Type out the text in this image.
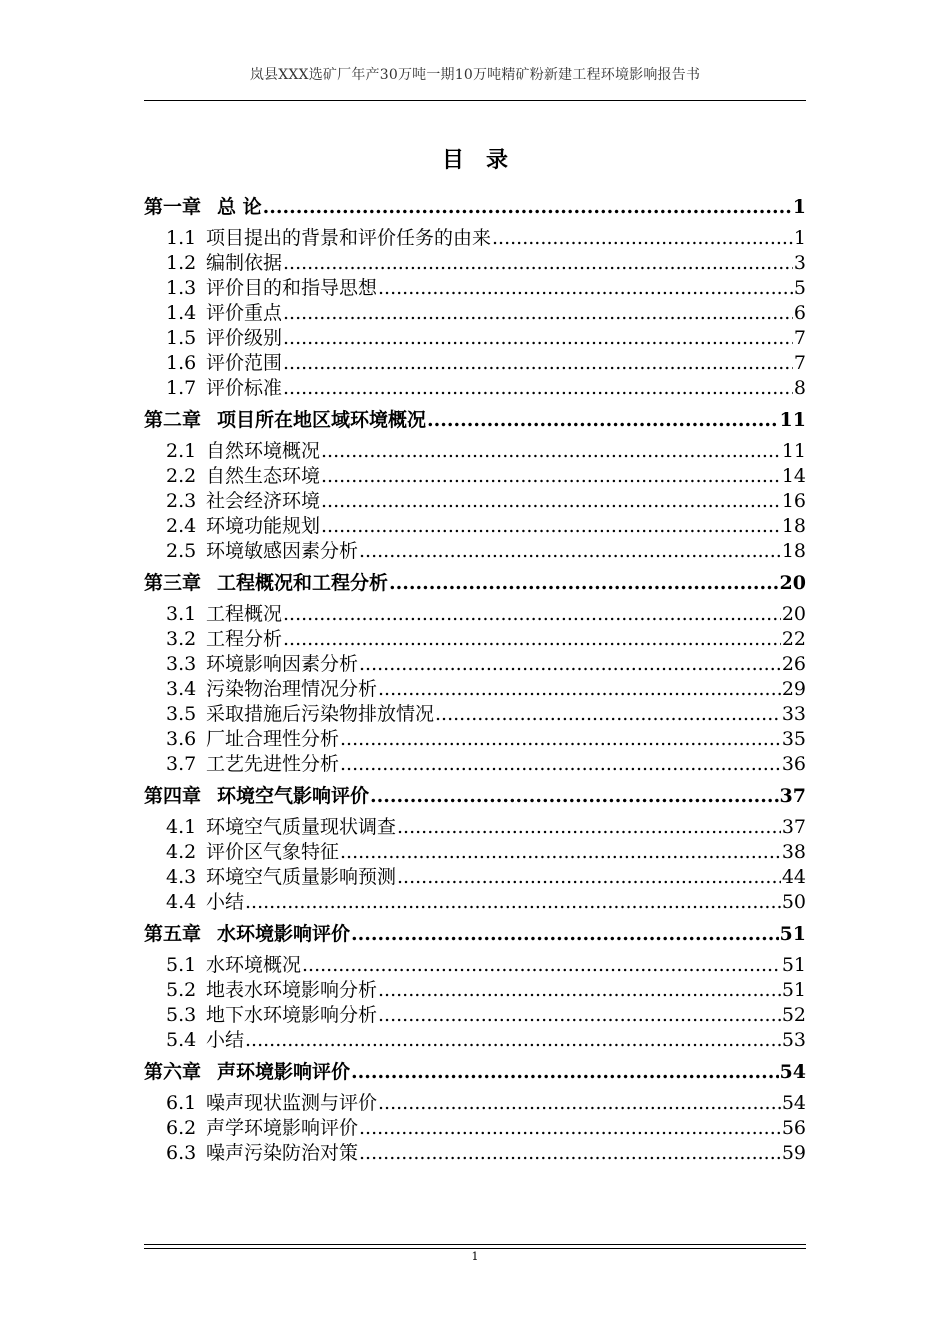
岚县XXX选矿厂年产30万吨一期10万吨精矿粉新建工程环境影响报告书
目录
第一章 总 论 .....	1
1.1 项目提出的背景和评价任务的由来 .....	1
1.2 编制依据 .....	3
1.3 评价目的和指导思想 .....	5
1.4 评价重点 .....	6
1.5 评价级别 .....	7
1.6 评价范围 .....	7
1.7 评价标准 .....	8
第二章 项目所在地区域环境概况 .....	11
2.1 自然环境概况 .....	11
2.2 自然生态环境 .....	14
2.3 社会经济环境 .....	16
2.4 环境功能规划 .....	18
2.5 环境敏感因素分析 .....	18
第三章 工程概况和工程分析 .....	20
3.1 工程概况 .....	20
3.2 工程分析 .....	22
3.3 环境影响因素分析 .....	26
3.4 污染物治理情况分析 .....	29
3.5 采取措施后污染物排放情况 .....	33
3.6 厂址合理性分析 .....	35
3.7 工艺先进性分析 .....	36
第四章 环境空气影响评价 .....	37
4.1 环境空气质量现状调查 .....	37
4.2 评价区气象特征 .....	38
4.3 环境空气质量影响预测 .....	44
4.4 小结 .....	50
第五章 水环境影响评价 .....	51
5.1 水环境概况 .....	51
5.2 地表水环境影响分析 .....	51
5.3 地下水环境影响分析 .....	52
5.4 小结 .....	53
第六章 声环境影响评价 .....	54
6.1 噪声现状监测与评价 .....	54
6.2 声学环境影响评价 .....	56
6.3 噪声污染防治对策 .....	59
1
